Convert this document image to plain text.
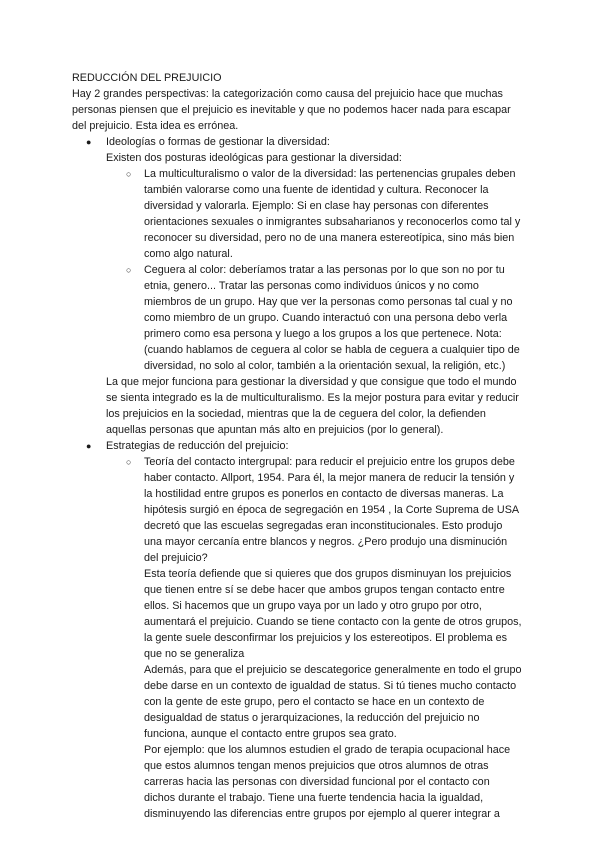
REDUCCIÓN DEL PREJUICIO

Hay 2 grandes perspectivas: la categorización como causa del prejuicio hace que muchas personas piensen que el prejuicio es inevitable y que no podemos hacer nada para escapar del prejuicio. Esta idea es errónea.

●	Ideologías o formas de gestionar la diversidad:

Existen dos posturas ideológicas para gestionar la diversidad:

○	La multiculturalismo o valor de la diversidad: las pertenencias grupales deben también valorarse como una fuente de identidad y cultura. Reconocer la diversidad y valorarla. Ejemplo: Si en clase hay personas con diferentes orientaciones sexuales o inmigrantes subsaharianos y reconocerlos como tal y reconocer su diversidad, pero no de una manera estereotípica, sino más bien como algo natural.
○	Ceguera al color: deberíamos tratar a las personas por lo que son no por tu etnia, genero... Tratar las personas como individuos únicos y no como miembros de un grupo. Hay que ver la personas como personas tal cual y no como miembro de un grupo. Cuando interactuó con una persona debo verla primero como esa persona y luego a los grupos a los que pertenece. Nota: (cuando hablamos de ceguera al color se habla de ceguera a cualquier tipo de diversidad, no solo al color, también a la orientación sexual, la religión, etc.)

La que mejor funciona para gestionar la diversidad y que consigue que todo el mundo se sienta integrado es la de multiculturalismo. Es la mejor postura para evitar y reducir los prejuicios en la sociedad, mientras que la de ceguera del color, la defienden aquellas personas que apuntan más alto en prejuicios (por lo general).

●	Estrategias de reducción del prejuicio:
○	Teoría del contacto intergrupal: para reducir el prejuicio entre los grupos debe haber contacto. Allport, 1954. Para él, la mejor manera de reducir la tensión y la hostilidad entre grupos es ponerlos en contacto de diversas maneras. La hipótesis surgió en época de segregación en 1954 , la Corte Suprema de USA decretó que las escuelas segregadas eran inconstitucionales. Esto produjo una mayor cercanía entre blancos y negros. ¿Pero produjo una disminución del prejuicio?

Esta teoría defiende que si quieres que dos grupos disminuyan los prejuicios que tienen entre sí se debe hacer que ambos grupos tengan contacto entre ellos. Si hacemos que un grupo vaya por un lado y otro grupo por otro, aumentará el prejuicio. Cuando se tiene contacto con la gente de otros grupos, la gente suele desconfirmar los prejuicios y los estereotipos. El problema es que no se generaliza

Además, para que el prejuicio se descategorice generalmente en todo el grupo debe darse en un contexto de igualdad de status. Si tú tienes mucho contacto con la gente de este grupo, pero el contacto se hace en un contexto de desigualdad de status o jerarquizaciones, la reducción del prejuicio no funciona, aunque el contacto entre grupos sea grato.

Por ejemplo: que los alumnos estudien el grado de terapia ocupacional hace que estos alumnos tengan menos prejuicios que otros alumnos de otras carreras hacia las personas con diversidad funcional por el contacto con dichos durante el trabajo. Tiene una fuerte tendencia hacia la igualdad, disminuyendo las diferencias entre grupos por ejemplo al querer integrar a
